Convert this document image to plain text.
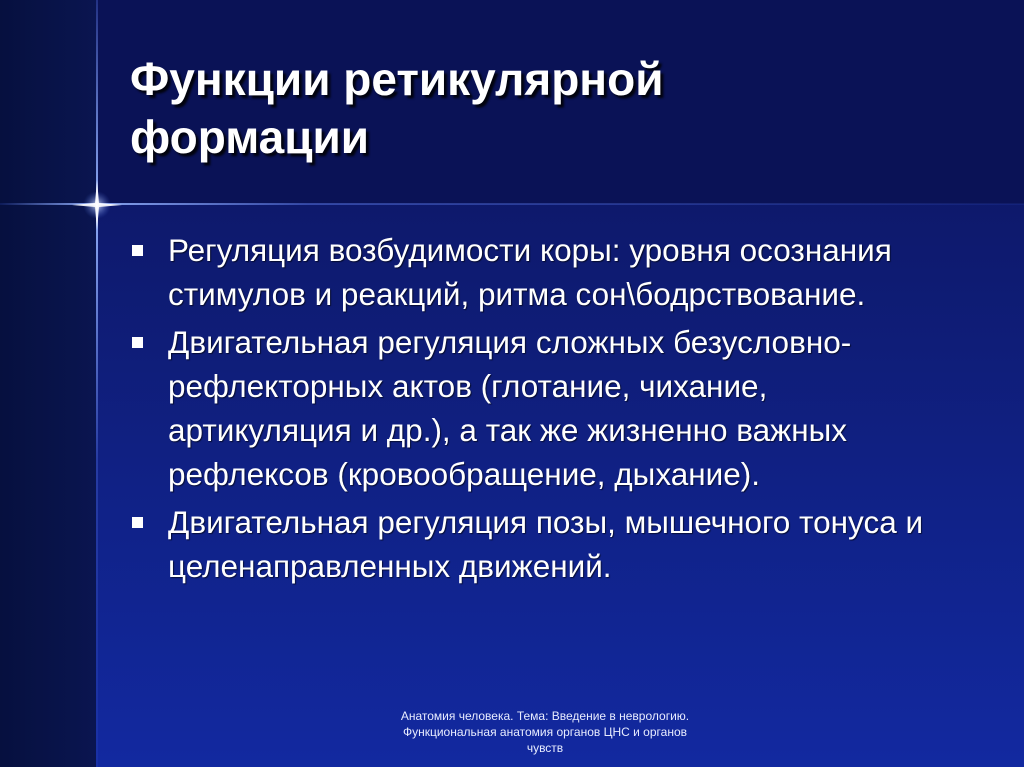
Функции ретикулярной
формации
Регуляция возбудимости коры: уровня осознания стимулов и реакций, ритма сон\бодрствование.
Двигательная регуляция сложных безусловно-рефлекторных актов (глотание, чихание, артикуляция и др.), а так же жизненно важных рефлексов (кровообращение, дыхание).
Двигательная регуляция позы, мышечного тонуса и целенаправленных движений.
Анатомия человека. Тема: Введение в неврологию. Функциональная анатомия органов ЦНС и органов чувств
